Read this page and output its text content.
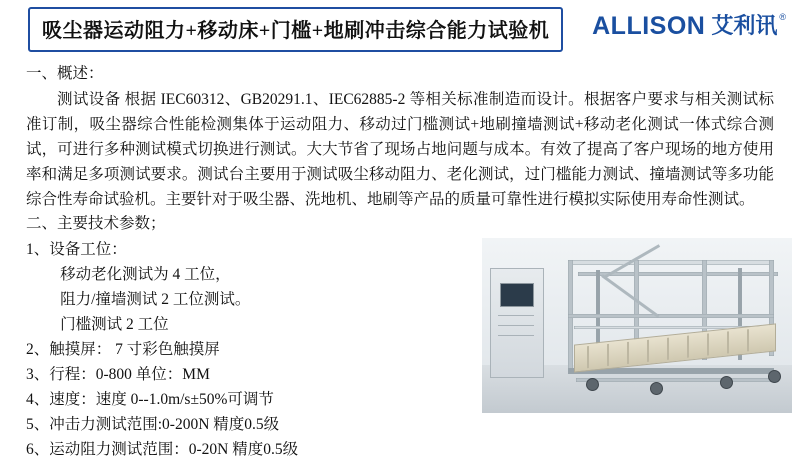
吸尘器运动阻力+移动床+门槛+地刷冲击综合能力试验机 ALLISON 艾利讯 ®
一、概述：

测试设备 根据 IEC60312、GB20291.1、IEC62885-2 等相关标准制造而设计。根据客户要求与相关测试标准订制，吸尘器综合性能检测集体于运动阻力、移动过门槛测试+地刷撞墙测试+移动老化测试一体式综合测试，可进行多种测试模式切换进行测试。大大节省了现场占地问题与成本。有效了提高了客户现场的地方使用率和满足多项测试要求。测试台主要用于测试吸尘移动阻力、老化测试，过门槛能力测试、撞墙测试等多功能综合性寿命试验机。主要针对于吸尘器、洗地机、地刷等产品的质量可靠性进行模拟实际使用寿命性测试。

二、主要技术参数；
1、设备工位：
移动老化测试为 4 工位，
阻力/撞墙测试 2 工位测试。
门槛测试 2 工位
2、触摸屏： 7 寸彩色触摸屏
3、行程：0-800 单位：MM
4、速度：速度 0--1.0m/s±50%可调节
5、冲击力测试范围:0-200N 精度0.5级
6、运动阻力测试范围：0-20N 精度0.5级
